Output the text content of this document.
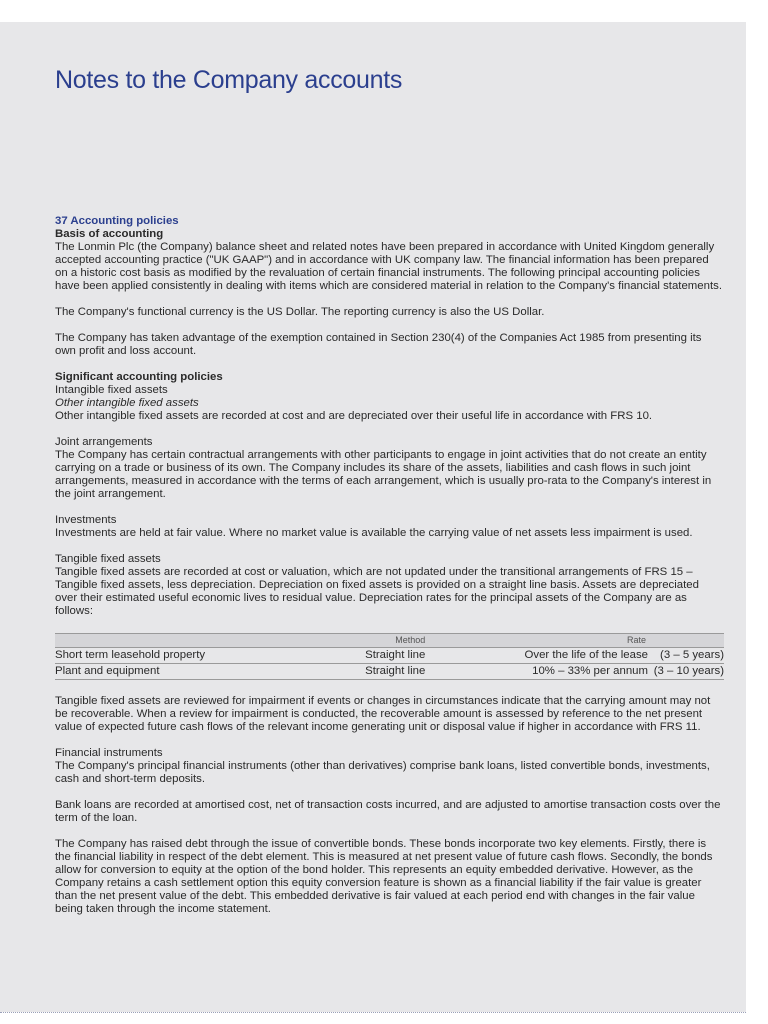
Notes to the Company accounts

37 Accounting policies

Basis of accounting

The Lonmin Plc (the Company) balance sheet and related notes have been prepared in accordance with United Kingdom generally accepted accounting practice ("UK GAAP") and in accordance with UK company law. The financial information has been prepared on a historic cost basis as modified by the revaluation of certain financial instruments. The following principal accounting policies have been applied consistently in dealing with items which are considered material in relation to the Company's financial statements.

The Company's functional currency is the US Dollar. The reporting currency is also the US Dollar.

The Company has taken advantage of the exemption contained in Section 230(4) of the Companies Act 1985 from presenting its own profit and loss account.

Significant accounting policies

Intangible fixed assets

Other intangible fixed assets

Other intangible fixed assets are recorded at cost and are depreciated over their useful life in accordance with FRS 10.

Joint arrangements

The Company has certain contractual arrangements with other participants to engage in joint activities that do not create an entity carrying on a trade or business of its own. The Company includes its share of the assets, liabilities and cash flows in such joint arrangements, measured in accordance with the terms of each arrangement, which is usually pro-rata to the Company's interest in the joint arrangement.

Investments

Investments are held at fair value. Where no market value is available the carrying value of net assets less impairment is used.

Tangible fixed assets

Tangible fixed assets are recorded at cost or valuation, which are not updated under the transitional arrangements of FRS 15 – Tangible fixed assets, less depreciation. Depreciation on fixed assets is provided on a straight line basis. Assets are depreciated over their estimated useful economic lives to residual value. Depreciation rates for the principal assets of the Company are as follows:

	Method	Rate	
Short term leasehold property	Straight line	Over the life of the lease	(3 – 5 years)
Plant and equipment	Straight line	10% – 33% per annum	(3 – 10 years)

Tangible fixed assets are reviewed for impairment if events or changes in circumstances indicate that the carrying amount may not be recoverable. When a review for impairment is conducted, the recoverable amount is assessed by reference to the net present value of expected future cash flows of the relevant income generating unit or disposal value if higher in accordance with FRS 11.

Financial instruments

The Company's principal financial instruments (other than derivatives) comprise bank loans, listed convertible bonds, investments, cash and short-term deposits.

Bank loans are recorded at amortised cost, net of transaction costs incurred, and are adjusted to amortise transaction costs over the term of the loan.

The Company has raised debt through the issue of convertible bonds. These bonds incorporate two key elements. Firstly, there is the financial liability in respect of the debt element. This is measured at net present value of future cash flows. Secondly, the bonds allow for conversion to equity at the option of the bond holder. This represents an equity embedded derivative. However, as the Company retains a cash settlement option this equity conversion feature is shown as a financial liability if the fair value is greater than the net present value of the debt. This embedded derivative is fair valued at each period end with changes in the fair value being taken through the income statement.
